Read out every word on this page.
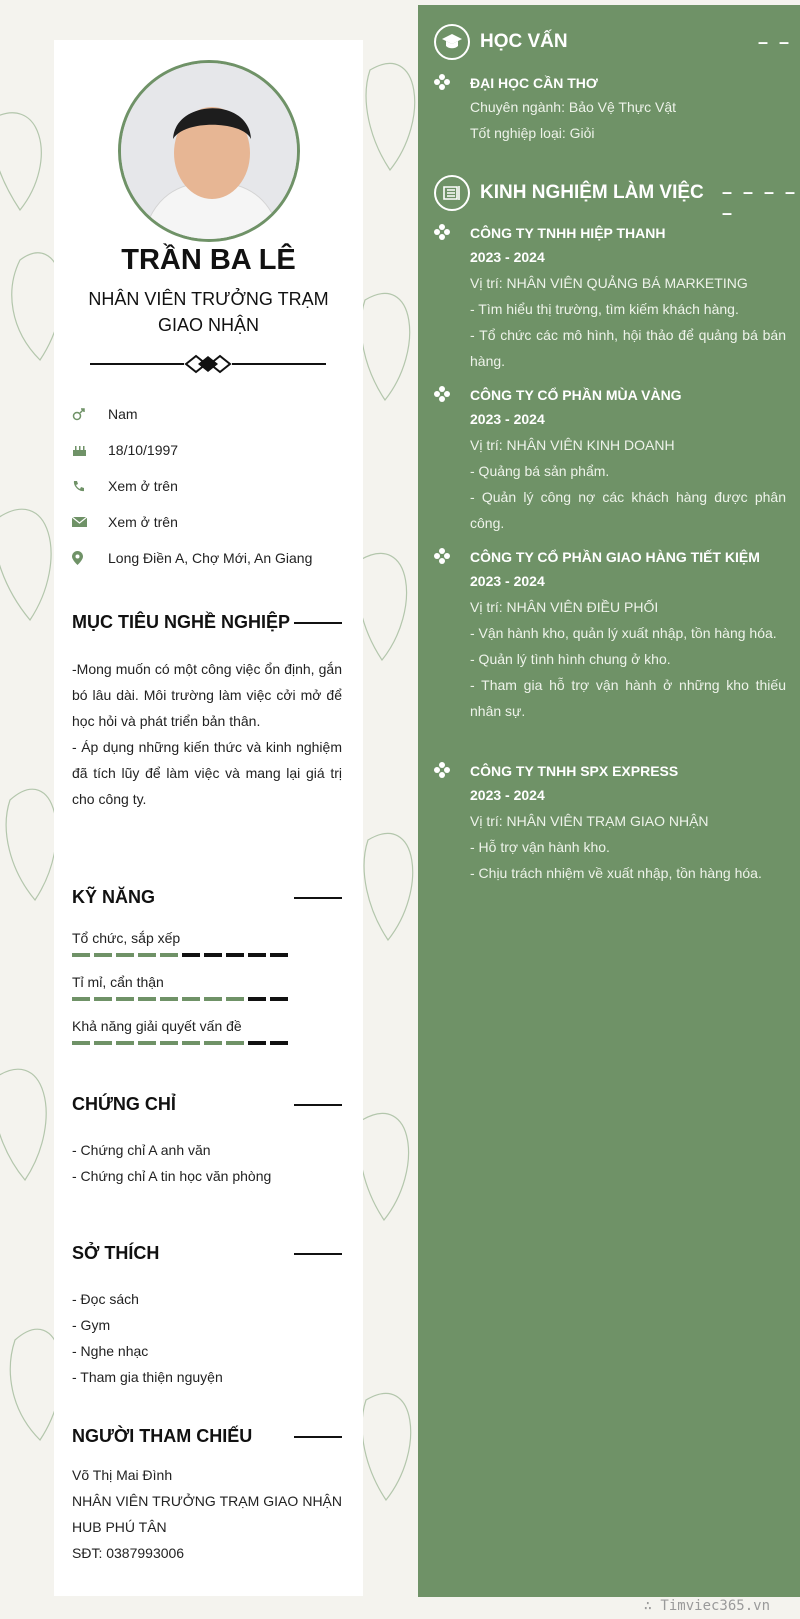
TRẦN BA LÊ
NHÂN VIÊN TRƯỞNG TRẠM GIAO NHẬN
Nam
18/10/1997
Xem ở trên
Xem ở trên
Long Điền A, Chợ Mới, An Giang
MỤC TIÊU NGHỀ NGHIỆP
-Mong muốn có một công việc ổn định, gắn bó lâu dài. Môi trường làm việc cởi mở để học hỏi và phát triển bản thân.
- Áp dụng những kiến thức và kinh nghiệm đã tích lũy để làm việc và mang lại giá trị cho công ty.
KỸ NĂNG
Tổ chức, sắp xếp
Tỉ mỉ, cẩn thận
Khả năng giải quyết vấn đề
CHỨNG CHỈ
- Chứng chỉ A anh văn
- Chứng chỉ A tin học văn phòng
SỞ THÍCH
- Đọc sách
- Gym
- Nghe nhạc
- Tham gia thiện nguyện
NGƯỜI THAM CHIẾU
Võ Thị Mai Đình
NHÂN VIÊN TRƯỞNG TRẠM GIAO NHẬN HUB PHÚ TÂN
SĐT: 0387993006
HỌC VẤN	– –
ĐẠI HỌC CẦN THƠ
Chuyên ngành: Bảo Vệ Thực Vật
Tốt nghiệp loại: Giỏi
KINH NGHIỆM LÀM VIỆC – – – – –
CÔNG TY TNHH HIỆP THANH
2023 - 2024
Vị trí: NHÂN VIÊN QUẢNG BÁ MARKETING
- Tìm hiểu thị trường, tìm kiếm khách hàng.
- Tổ chức các mô hình, hội thảo để quảng bá bán hàng.
CÔNG TY CỔ PHẦN MÙA VÀNG
2023 - 2024
Vị trí: NHÂN VIÊN KINH DOANH
- Quảng bá sản phẩm.
- Quản lý công nợ các khách hàng được phân công.
CÔNG TY CỔ PHẦN GIAO HÀNG TIẾT KIỆM
2023 - 2024
Vị trí: NHÂN VIÊN ĐIỀU PHỐI
- Vận hành kho, quản lý xuất nhập, tồn hàng hóa.
- Quản lý tình hình chung ở kho.
- Tham gia hỗ trợ vận hành ở những kho thiếu nhân sự.
CÔNG TY TNHH SPX EXPRESS
2023 - 2024
Vị trí: NHÂN VIÊN TRẠM GIAO NHẬN
- Hỗ trợ vận hành kho.
- Chịu trách nhiệm về xuất nhập, tồn hàng hóa.
∴ Timviec365.vn
